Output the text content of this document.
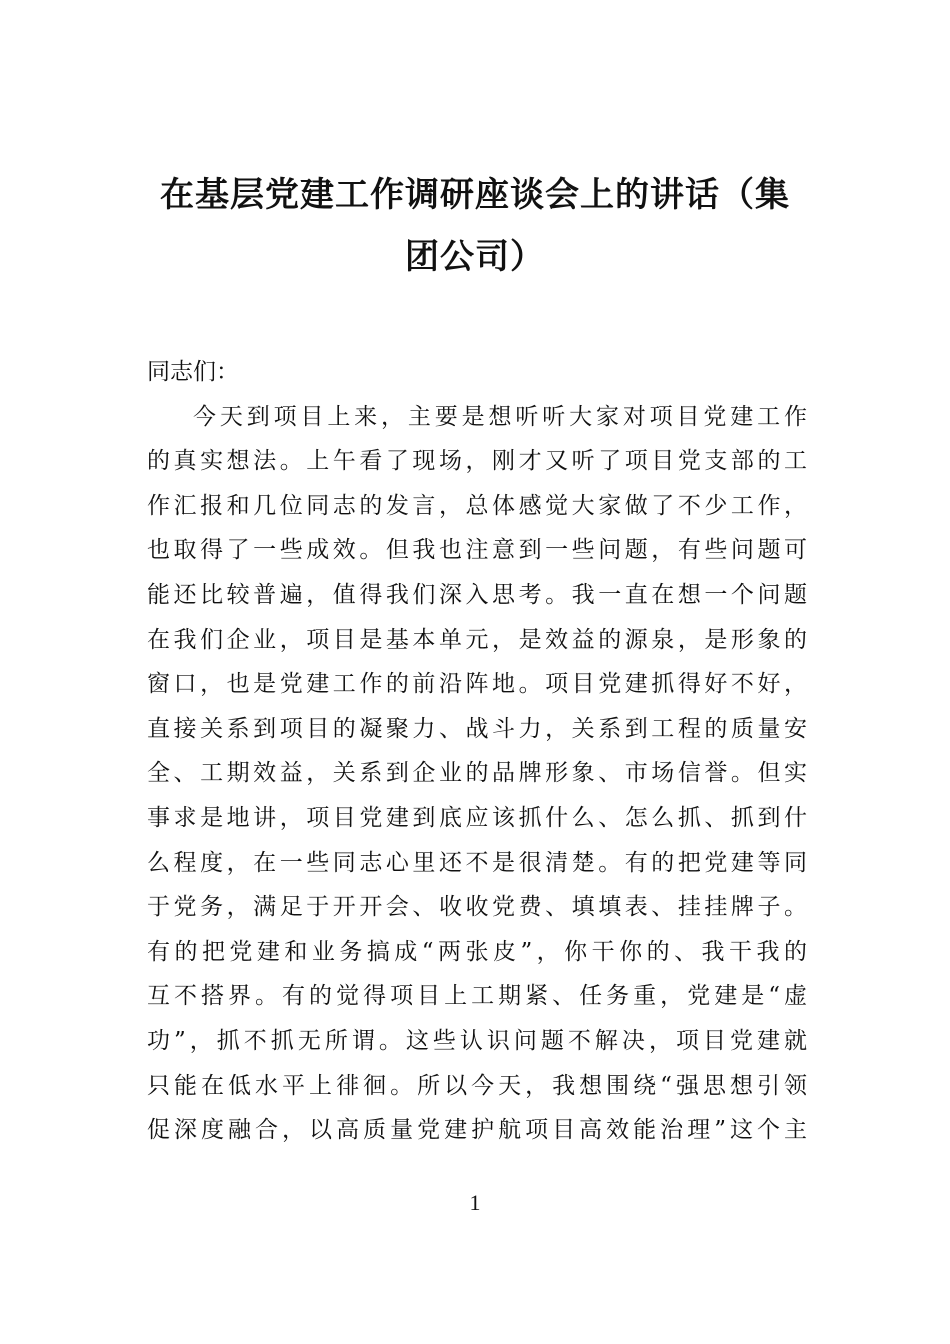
在基层党建工作调研座谈会上的讲话（集
团公司）
同志们：
今天到项目上来，主要是想听听大家对项目党建工作
的真实想法。上午看了现场，刚才又听了项目党支部的工
作汇报和几位同志的发言，总体感觉大家做了不少工作，
也取得了一些成效。但我也注意到一些问题，有些问题可
能还比较普遍，值得我们深入思考。我一直在想一个问题
在我们企业，项目是基本单元，是效益的源泉，是形象的
窗口，也是党建工作的前沿阵地。项目党建抓得好不好，
直接关系到项目的凝聚力、战斗力，关系到工程的质量安
全、工期效益，关系到企业的品牌形象、市场信誉。但实
事求是地讲，项目党建到底应该抓什么、怎么抓、抓到什
么程度，在一些同志心里还不是很清楚。有的把党建等同
于党务，满足于开开会、收收党费、填填表、挂挂牌子。
有的把党建和业务搞成“两张皮”，你干你的、我干我的
互不搭界。有的觉得项目上工期紧、任务重，党建是“虚
功”，抓不抓无所谓。这些认识问题不解决，项目党建就
只能在低水平上徘徊。所以今天，我想围绕“强思想引领
促深度融合，以高质量党建护航项目高效能治理”这个主
1
